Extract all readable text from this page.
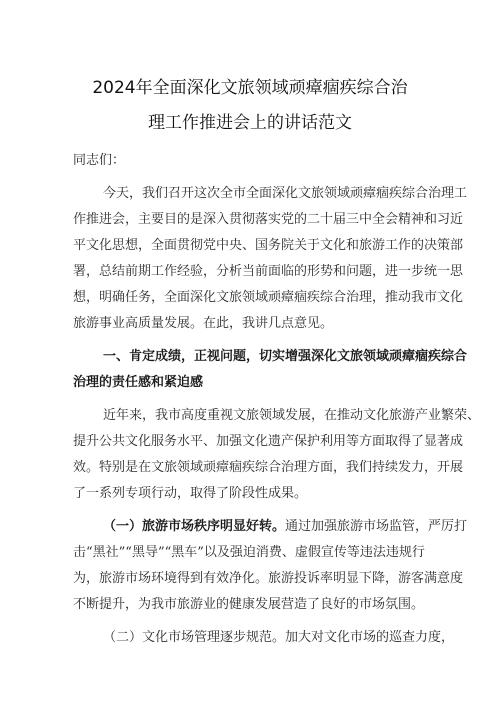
2024年全面深化文旅领域顽瘴痼疾综合治
理工作推进会上的讲话范文
同志们：
今天，我们召开这次全市全面深化文旅领域顽瘴痼疾综合治理工
作推进会，主要目的是深入贯彻落实党的二十届三中全会精神和习近
平文化思想，全面贯彻党中央、国务院关于文化和旅游工作的决策部
署，总结前期工作经验，分析当前面临的形势和问题，进一步统一思
想，明确任务，全面深化文旅领域顽瘴痼疾综合治理，推动我市文化
旅游事业高质量发展。在此，我讲几点意见。
一、肯定成绩，正视问题，切实增强深化文旅领域顽瘴痼疾综合
治理的责任感和紧迫感
近年来，我市高度重视文旅领域发展，在推动文化旅游产业繁荣、
提升公共文化服务水平、加强文化遗产保护利用等方面取得了显著成
效。特别是在文旅领域顽瘴痼疾综合治理方面，我们持续发力，开展
了一系列专项行动，取得了阶段性成果。
（一）旅游市场秩序明显好转。通过加强旅游市场监管，严厉打
击“黑社”“黑导”“黑车”以及强迫消费、虚假宣传等违法违规行
为，旅游市场环境得到有效净化。旅游投诉率明显下降，游客满意度
不断提升，为我市旅游业的健康发展营造了良好的市场氛围。
（二）文化市场管理逐步规范。加大对文化市场的巡查力度，
